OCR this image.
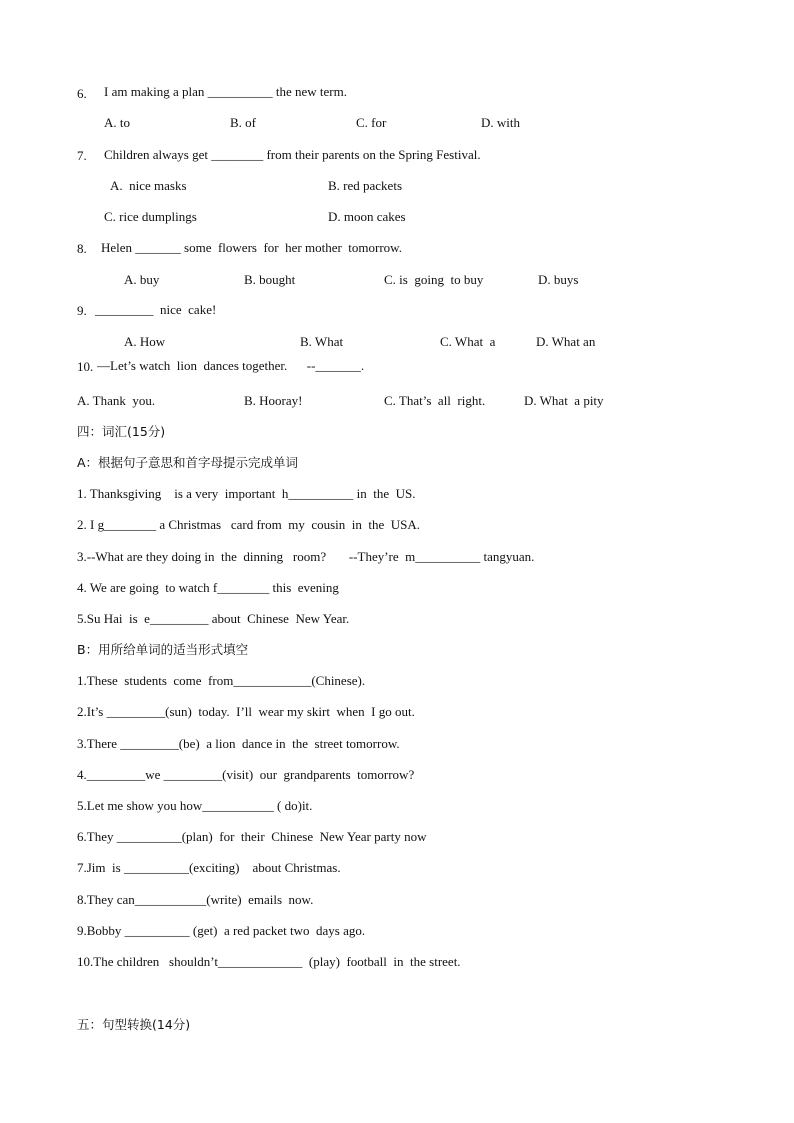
6. I am making a plan __________ the new term.
A. to	B. of	C. for	D. with
7. Children always get ________ from their parents on the Spring Festival.
A.  nice masks	B. red packets
C. rice dumplings	D. moon cakes
8. Helen _______ some  flowers  for  her mother  tomorrow.
A. buy	B. bought	C. is  going  to buy	D. buys
9. _________  nice  cake!
A. How	B. What	C. What  a	D. What an
10. —Let’s watch  lion  dances together.      --_______.
A. Thank  you.	B. Hooray!	C. That’s  all  right.	D. What  a pity
四：词汇(15分)
A：根据句子意思和首字母提示完成单词
1. Thanksgiving    is a very  important  h__________ in  the  US.
2. I g________ a Christmas   card from  my  cousin  in  the  USA.
3.--What are they doing in  the  dinning   room?       --They’re  m__________ tangyuan.
4. We are going  to watch f________ this  evening
5.Su Hai  is  e_________ about  Chinese  New Year.
B：用所给单词的适当形式填空
1.These  students  come  from____________(Chinese).
2.It’s _________(sun)  today.  I’ll  wear my skirt  when  I go out.
3.There _________(be)  a lion  dance in  the  street tomorrow.
4._________we _________(visit)  our  grandparents  tomorrow?
5.Let me show you how___________ ( do)it.
6.They __________(plan)  for  their  Chinese  New Year party now
7.Jim  is __________(exciting)    about Christmas.
8.They can___________(write)  emails  now.
9.Bobby __________ (get)  a red packet two  days ago.
10.The children   shouldn’t_____________  (play)  football  in  the street.
五：句型转换(14分)
